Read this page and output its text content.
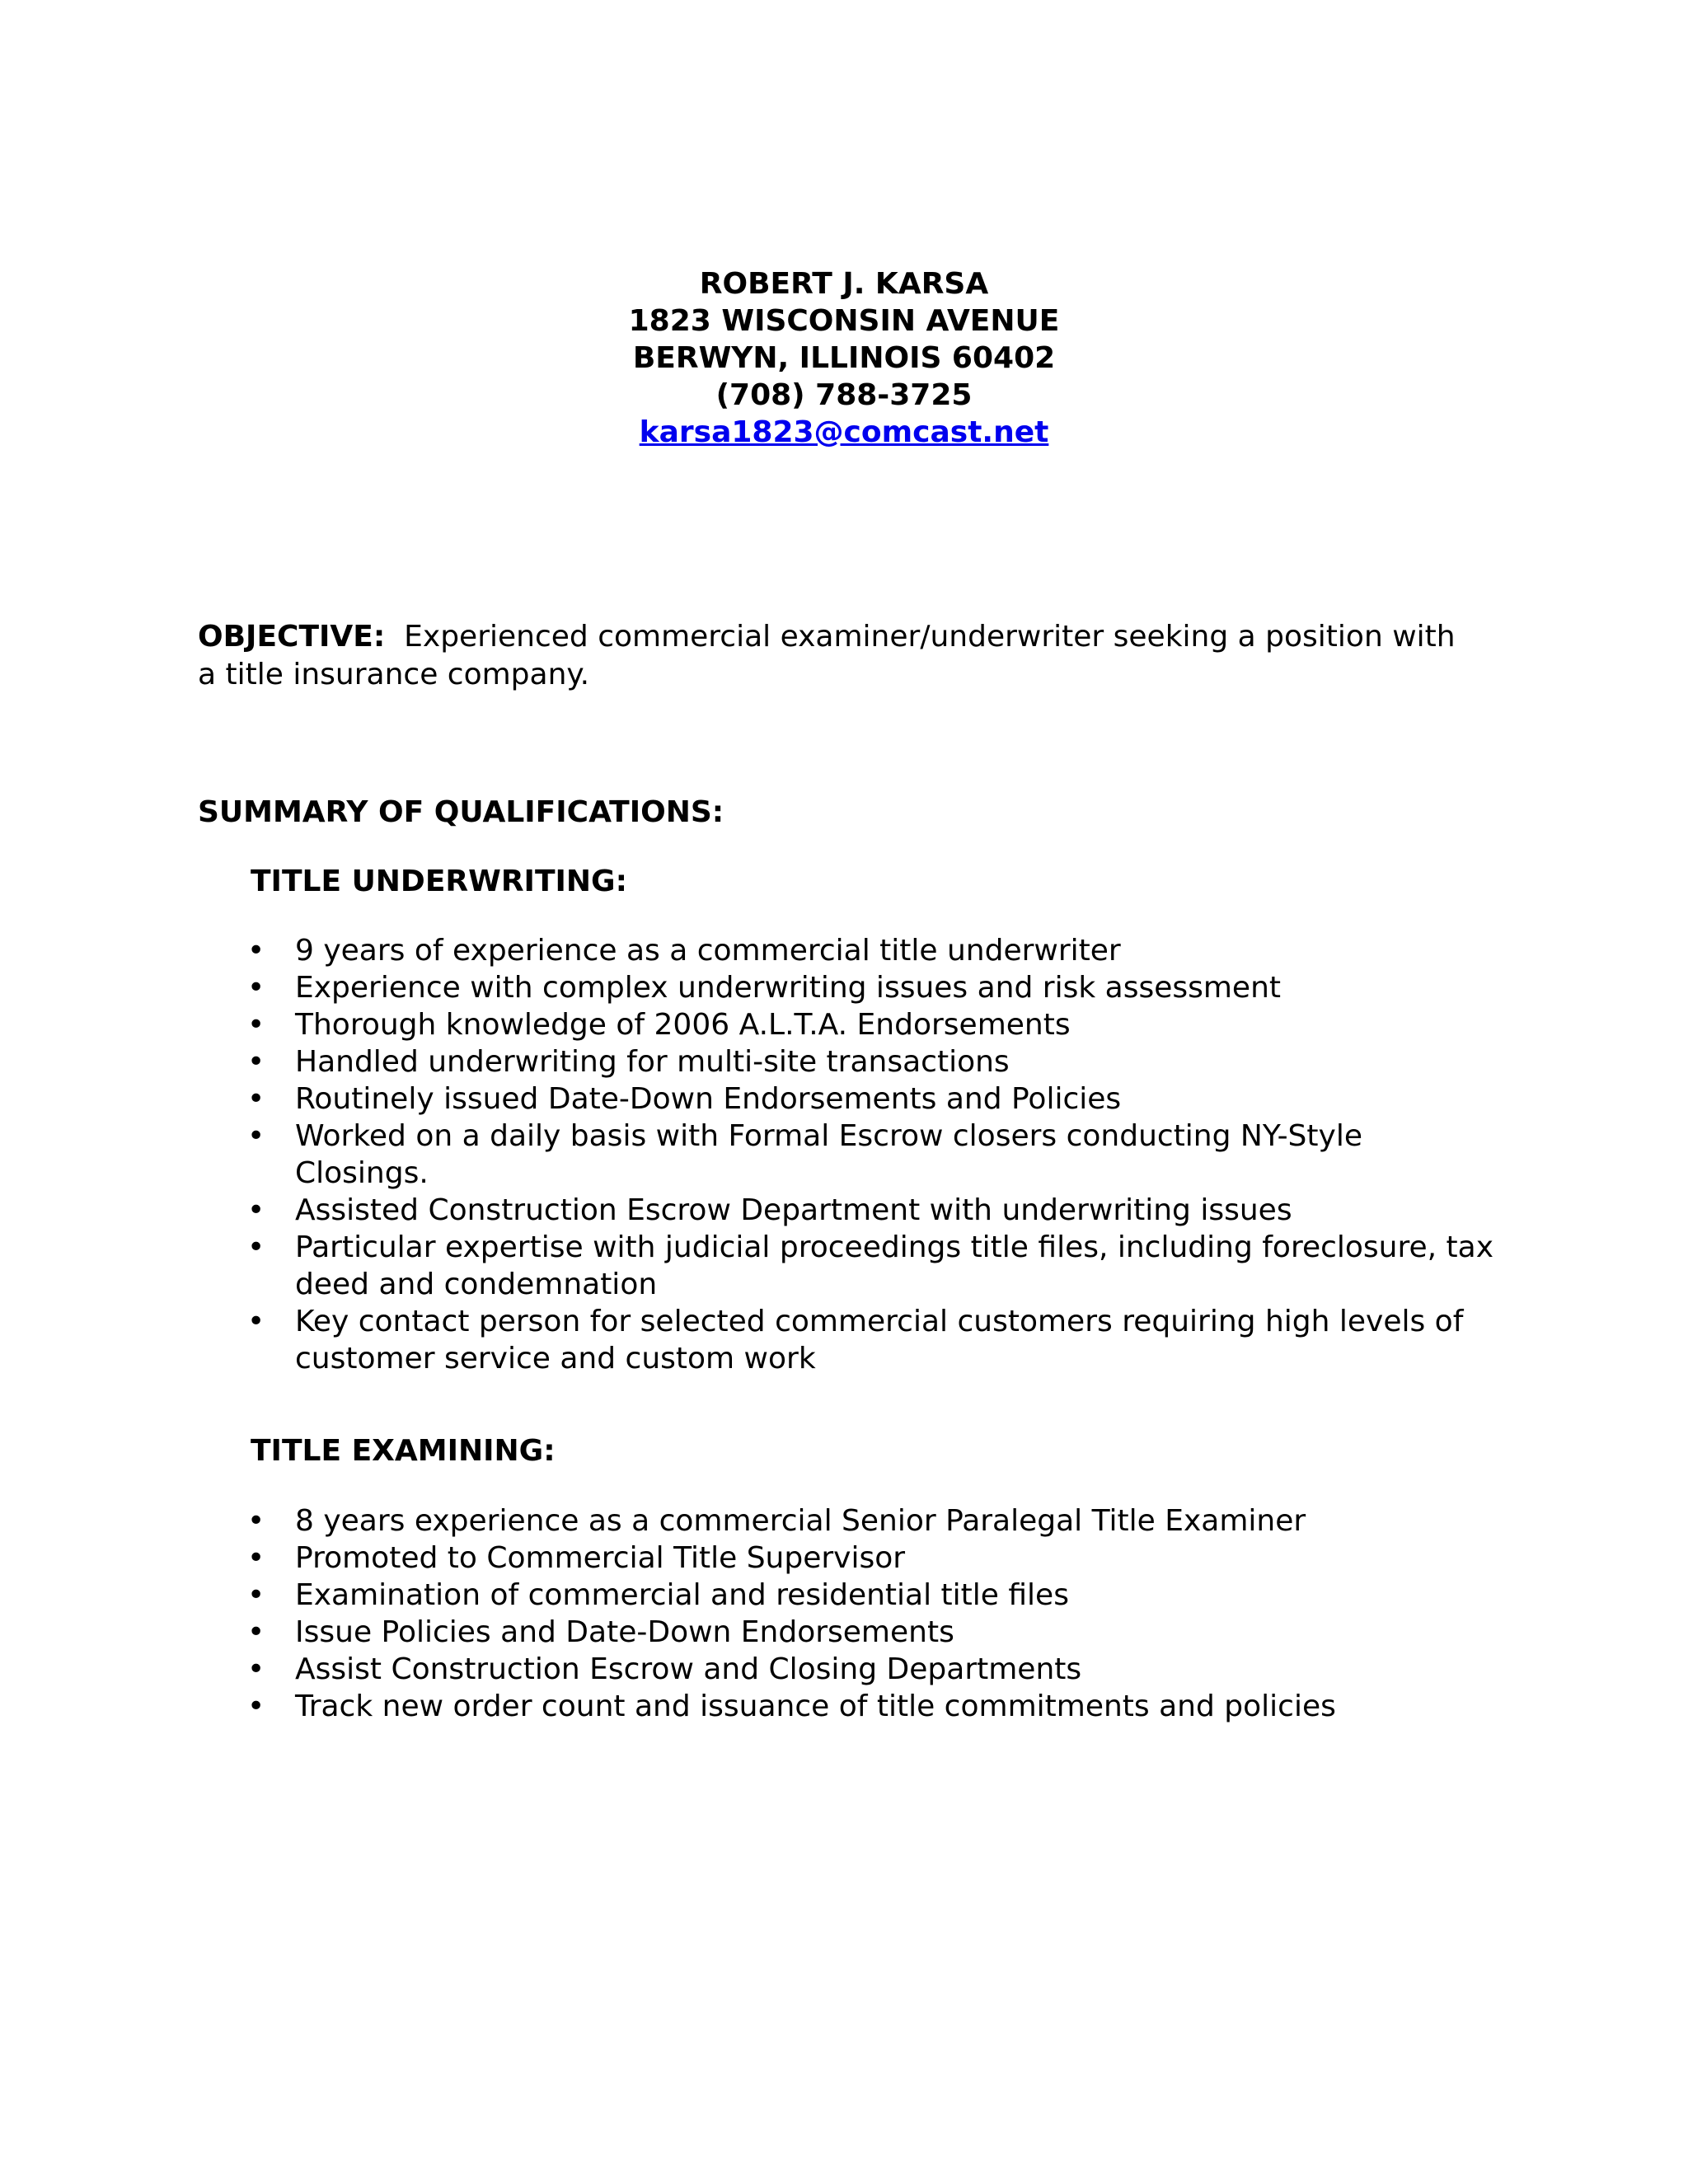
ROBERT J. KARSA
1823 WISCONSIN AVENUE
BERWYN, ILLINOIS 60402
(708) 788-3725
karsa1823@comcast.net
OBJECTIVE: Experienced commercial examiner/underwriter seeking a position with a title insurance company.
SUMMARY OF QUALIFICATIONS:
TITLE UNDERWRITING:
• 9 years of experience as a commercial title underwriter
• Experience with complex underwriting issues and risk assessment
• Thorough knowledge of 2006 A.L.T.A. Endorsements
• Handled underwriting for multi-site transactions
• Routinely issued Date-Down Endorsements and Policies
• Worked on a daily basis with Formal Escrow closers conducting NY-Style Closings.
• Assisted Construction Escrow Department with underwriting issues
• Particular expertise with judicial proceedings title files, including foreclosure, tax deed and condemnation
• Key contact person for selected commercial customers requiring high levels of customer service and custom work
TITLE EXAMINING:
• 8 years experience as a commercial Senior Paralegal Title Examiner
• Promoted to Commercial Title Supervisor
• Examination of commercial and residential title files
• Issue Policies and Date-Down Endorsements
• Assist Construction Escrow and Closing Departments
• Track new order count and issuance of title commitments and policies
